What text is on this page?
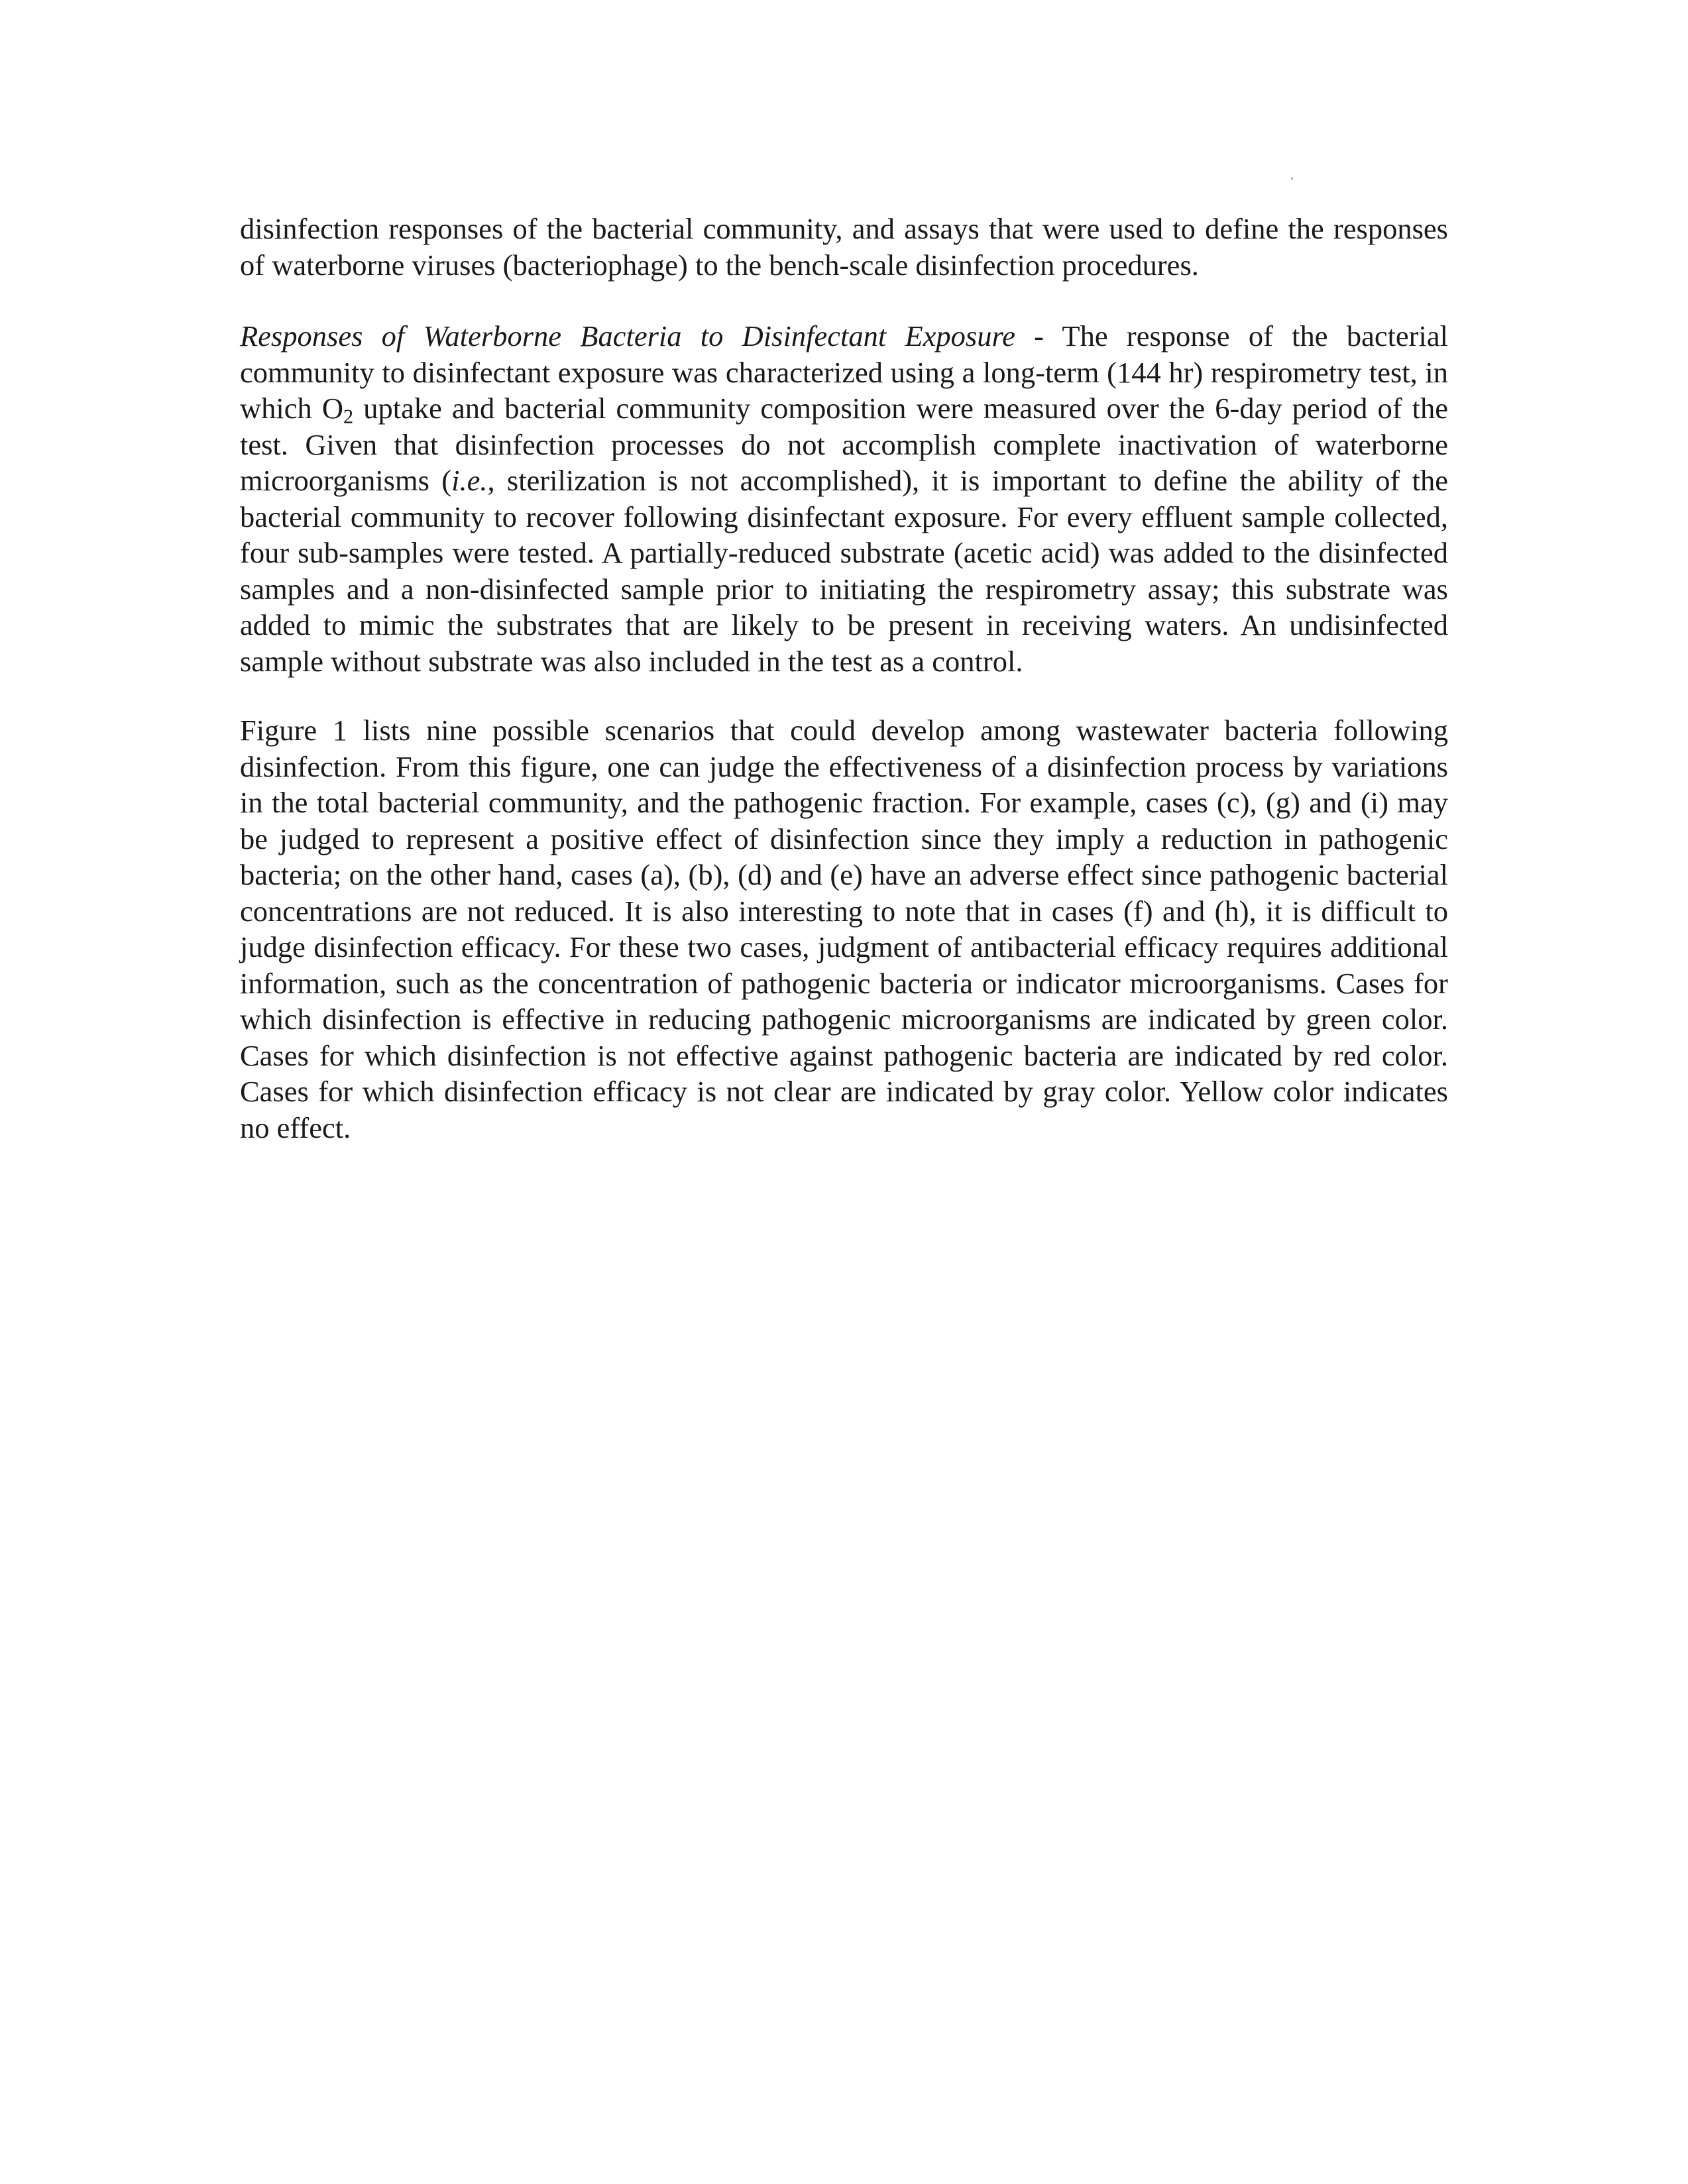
disinfection responses of the bacterial community, and assays that were used to define the responses of waterborne viruses (bacteriophage) to the bench-scale disinfection procedures.

Responses of Waterborne Bacteria to Disinfectant Exposure - The response of the bacterial community to disinfectant exposure was characterized using a long-term (144 hr) respirometry test, in which $O_2$ uptake and bacterial community composition were measured over the 6-day period of the test. Given that disinfection processes do not accomplish complete inactivation of waterborne microorganisms (i.e., sterilization is not accomplished), it is important to define the ability of the bacterial community to recover following disinfectant exposure. For every effluent sample collected, four sub-samples were tested. A partially-reduced substrate (acetic acid) was added to the disinfected samples and a non-disinfected sample prior to initiating the respirometry assay; this substrate was added to mimic the substrates that are likely to be present in receiving waters. An undisinfected sample without substrate was also included in the test as a control.

Figure 1 lists nine possible scenarios that could develop among wastewater bacteria following disinfection. From this figure, one can judge the effectiveness of a disinfection process by variations in the total bacterial community, and the pathogenic fraction. For example, cases (c), (g) and (i) may be judged to represent a positive effect of disinfection since they imply a reduction in pathogenic bacteria; on the other hand, cases (a), (b), (d) and (e) have an adverse effect since pathogenic bacterial concentrations are not reduced. It is also interesting to note that in cases (f) and (h), it is difficult to judge disinfection efficacy. For these two cases, judgment of antibacterial efficacy requires additional information, such as the concentration of pathogenic bacteria or indicator microorganisms. Cases for which disinfection is effective in reducing pathogenic microorganisms are indicated by green color. Cases for which disinfection is not effective against pathogenic bacteria are indicated by red color. Cases for which disinfection efficacy is not clear are indicated by gray color. Yellow color indicates no effect.
